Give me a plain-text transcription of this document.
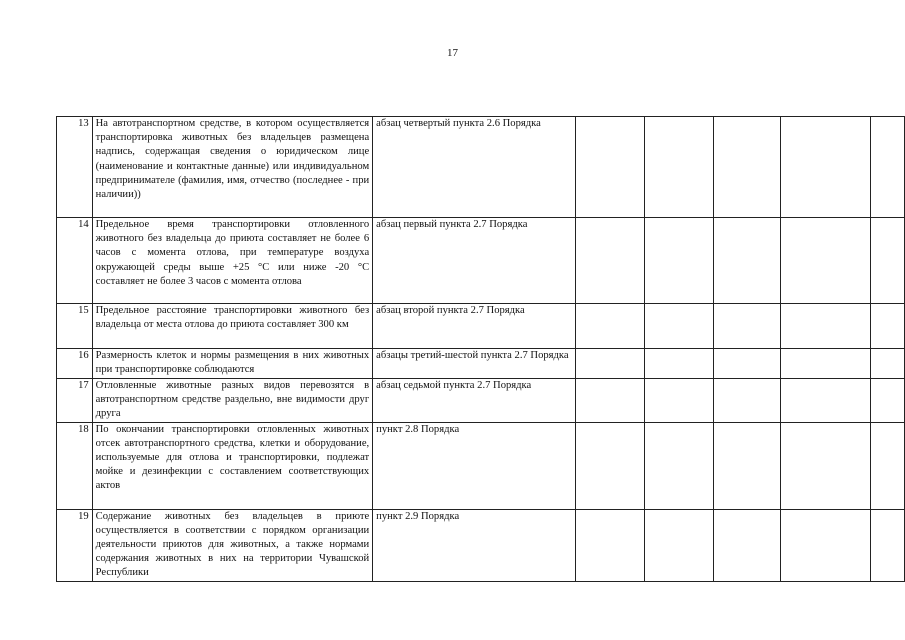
17
13	На автотранспортном средстве, в котором осуществляется транспортировка животных без владельцев размещена надпись, содержащая сведения о юридическом лице (наименование и контактные данные) или индивидуальном предпринимателе (фамилия, имя, отчество (последнее - при наличии))	абзац четвертый пункта 2.6 Порядка					
14	Предельное время транспортировки отловленного животного без владельца до приюта составляет не более 6 часов с момента отлова, при температуре воздуха окружающей среды выше +25 °С или ниже -20 °С составляет не более 3 часов с момента отлова	абзац первый пункта 2.7 Порядка					
15	Предельное расстояние транспортировки животного без владельца от места отлова до приюта составляет 300 км	абзац второй пункта 2.7 Порядка					
16	Размерность клеток и нормы размещения в них животных при транспортировке соблюдаются	абзацы третий-шестой пункта 2.7 Порядка					
17	Отловленные животные разных видов перевозятся в автотранспортном средстве раздельно, вне видимости друг друга	абзац седьмой пункта 2.7 Порядка					
18	По окончании транспортировки отловленных животных отсек автотранспортного средства, клетки и оборудование, используемые для отлова и транспортировки, подлежат мойке и дезинфекции с составлением соответствующих актов	пункт 2.8 Порядка					
19	Содержание животных без владельцев в приюте осуществляется в соответствии с порядком организации деятельности приютов для животных, а также нормами содержания животных в них на территории Чувашской Республики	пункт 2.9 Порядка					
